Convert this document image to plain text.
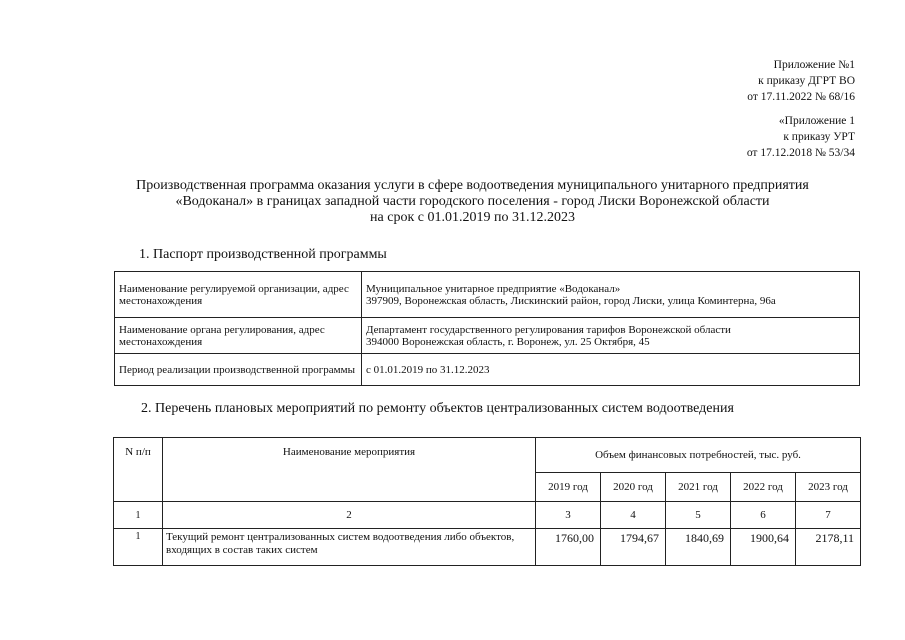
Приложение №1
к приказу ДГРТ ВО
от 17.11.2022 № 68/16
«Приложение 1
к приказу УРТ
от 17.12.2018 № 53/34
Производственная программа оказания услуги в сфере водоотведения муниципального унитарного предприятия
«Водоканал» в границах западной части городского поселения - город Лиски Воронежской области
на срок с 01.01.2019 по 31.12.2023
1. Паспорт производственной программы
Наименование регулируемой организации, адрес местонахождения	Муниципальное унитарное предприятие «Водоканал»
397909, Воронежская область, Лискинский район, город Лиски, улица Коминтерна, 96а

Наименование органа регулирования, адрес местонахождения	Департамент государственного регулирования тарифов Воронежской области
394000 Воронежская область, г. Воронеж, ул. 25 Октября, 45

Период реализации производственной программы	с 01.01.2019 по 31.12.2023
2. Перечень плановых мероприятий по ремонту объектов централизованных систем водоотведения
N п/п	Наименование мероприятия	Объем финансовых потребностей, тыс. руб.				
		2019 год	2020 год	2021 год	2022 год	2023 год
1	2	3	4	5	6	7
1	Текущий ремонт централизованных систем водоотведения либо объектов, входящих в состав таких систем	1760,00	1794,67	1840,69	1900,64	2178,11
